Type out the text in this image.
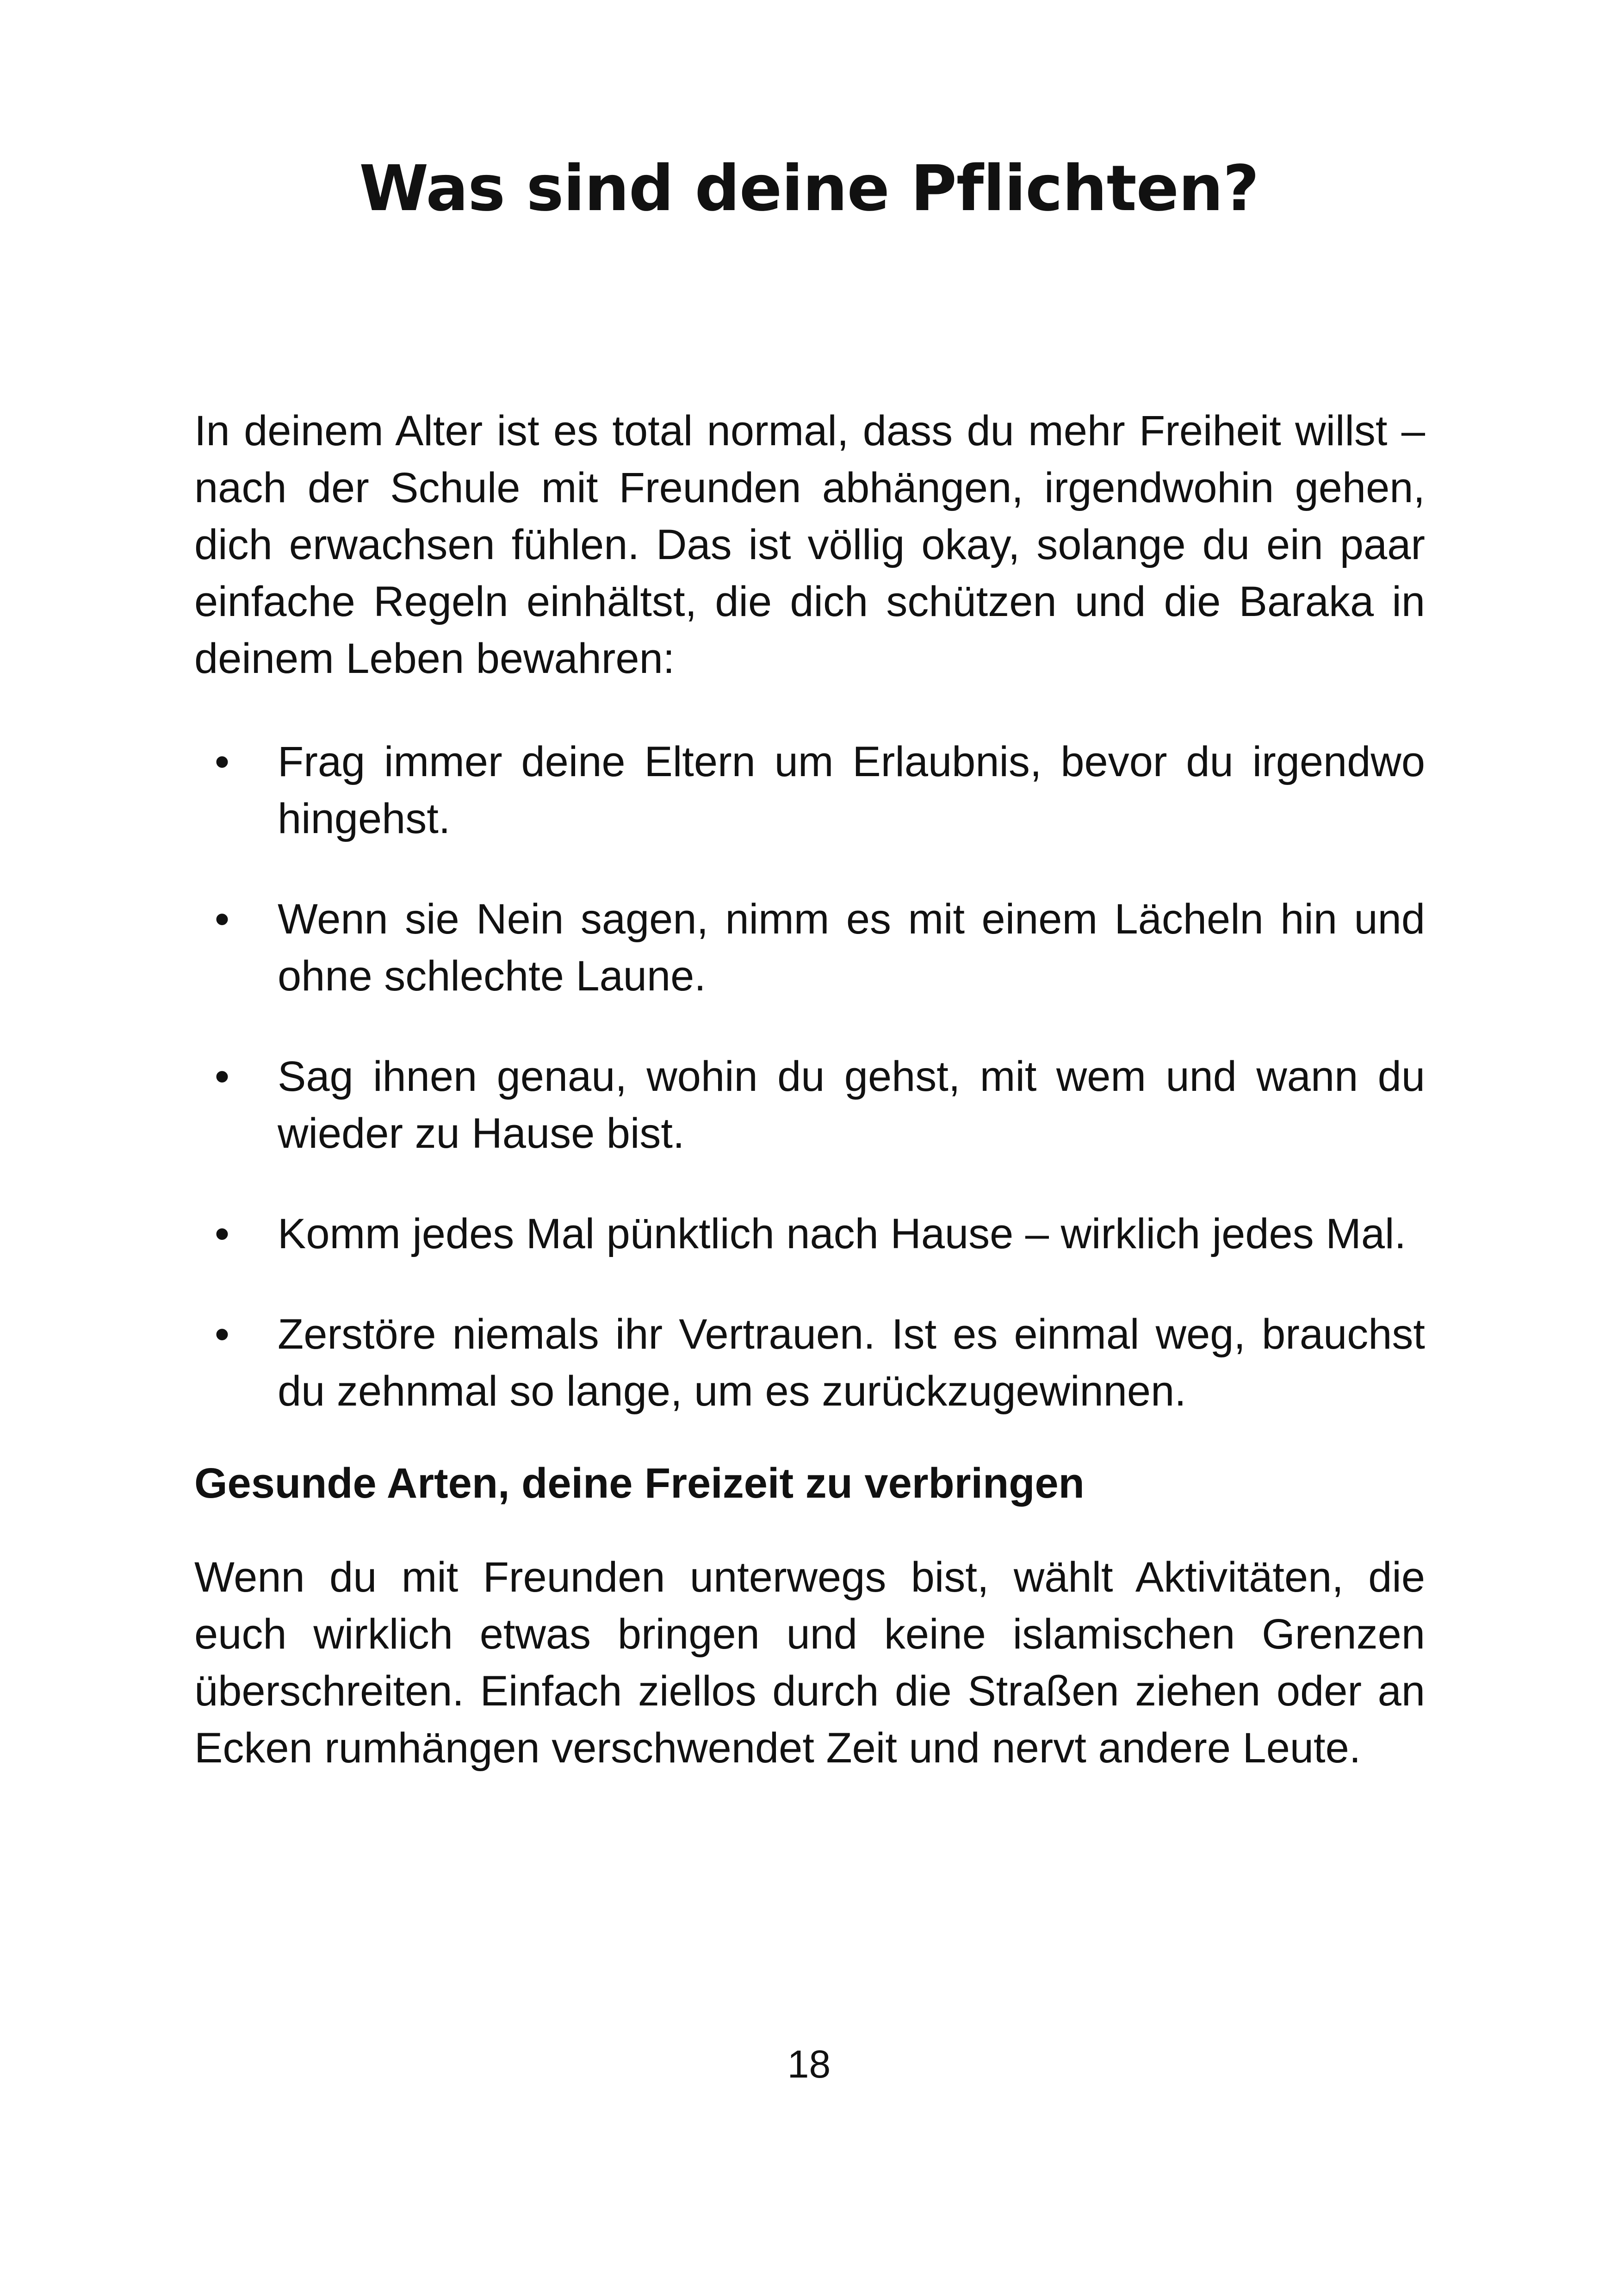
Was sind deine Pflichten?

In deinem Alter ist es total normal, dass du mehr Freiheit willst – nach der Schule mit Freunden abhängen, irgendwohin gehen, dich erwachsen fühlen. Das ist völlig okay, solange du ein paar einfache Regeln einhältst, die dich schützen und die Baraka in deinem Leben bewahren:

• Frag immer deine Eltern um Erlaubnis, bevor du irgendwo hingehst.
• Wenn sie Nein sagen, nimm es mit einem Lächeln hin und ohne schlechte Laune.
• Sag ihnen genau, wohin du gehst, mit wem und wann du wieder zu Hause bist.
• Komm jedes Mal pünktlich nach Hause – wirklich jedes Mal.
• Zerstöre niemals ihr Vertrauen. Ist es einmal weg, brauchst du zehnmal so lange, um es zurückzugewinnen.
Gesunde Arten, deine Freizeit zu verbringen

Wenn du mit Freunden unterwegs bist, wählt Aktivitäten, die euch wirklich etwas bringen und keine islamischen Grenzen überschreiten. Einfach ziellos durch die Straßen ziehen oder an Ecken rumhängen verschwendet Zeit und nervt andere Leute.

18
